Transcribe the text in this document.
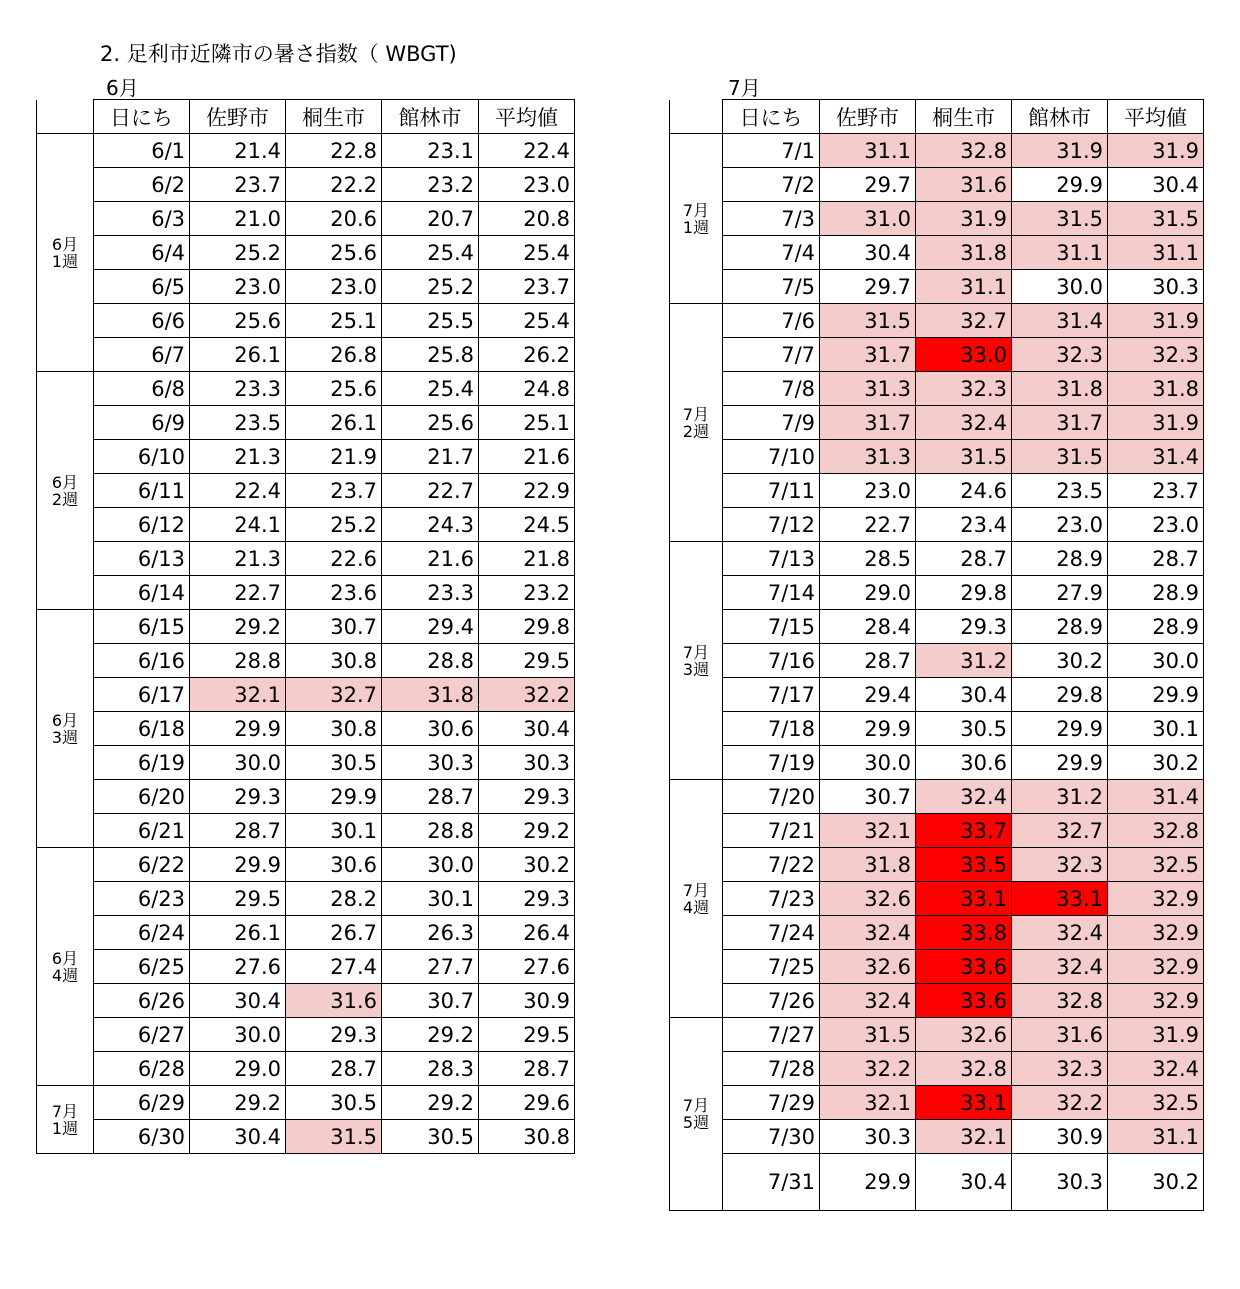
2. 足利市近隣市の暑さ指数（ WBGT)
6月	7月
	日にち	佐野市	桐生市	館林市	平均値
6月
1週	6/1	21.4	22.8	23.1	22.4
	6/2	23.7	22.2	23.2	23.0
	6/3	21.0	20.6	20.7	20.8
	6/4	25.2	25.6	25.4	25.4
	6/5	23.0	23.0	25.2	23.7
	6/6	25.6	25.1	25.5	25.4
	6/7	26.1	26.8	25.8	26.2
6月
2週	6/8	23.3	25.6	25.4	24.8
	6/9	23.5	26.1	25.6	25.1
	6/10	21.3	21.9	21.7	21.6
	6/11	22.4	23.7	22.7	22.9
	6/12	24.1	25.2	24.3	24.5
	6/13	21.3	22.6	21.6	21.8
	6/14	22.7	23.6	23.3	23.2
6月
3週	6/15	29.2	30.7	29.4	29.8
	6/16	28.8	30.8	28.8	29.5
	6/17	32.1	32.7	31.8	32.2
	6/18	29.9	30.8	30.6	30.4
	6/19	30.0	30.5	30.3	30.3
	6/20	29.3	29.9	28.7	29.3
	6/21	28.7	30.1	28.8	29.2
6月
4週	6/22	29.9	30.6	30.0	30.2
	6/23	29.5	28.2	30.1	29.3
	6/24	26.1	26.7	26.3	26.4
	6/25	27.6	27.4	27.7	27.6
	6/26	30.4	31.6	30.7	30.9
	6/27	30.0	29.3	29.2	29.5
	6/28	29.0	28.7	28.3	28.7
7月
1週	6/29	29.2	30.5	29.2	29.6
	6/30	30.4	31.5	30.5	30.8
	日にち	佐野市	桐生市	館林市	平均値
7月
1週	7/1	31.1	32.8	31.9	31.9
	7/2	29.7	31.6	29.9	30.4
	7/3	31.0	31.9	31.5	31.5
	7/4	30.4	31.8	31.1	31.1
	7/5	29.7	31.1	30.0	30.3
7月
2週	7/6	31.5	32.7	31.4	31.9
	7/7	31.7	33.0	32.3	32.3
	7/8	31.3	32.3	31.8	31.8
	7/9	31.7	32.4	31.7	31.9
	7/10	31.3	31.5	31.5	31.4
	7/11	23.0	24.6	23.5	23.7
	7/12	22.7	23.4	23.0	23.0
7月
3週	7/13	28.5	28.7	28.9	28.7
	7/14	29.0	29.8	27.9	28.9
	7/15	28.4	29.3	28.9	28.9
	7/16	28.7	31.2	30.2	30.0
	7/17	29.4	30.4	29.8	29.9
	7/18	29.9	30.5	29.9	30.1
	7/19	30.0	30.6	29.9	30.2
7月
4週	7/20	30.7	32.4	31.2	31.4
	7/21	32.1	33.7	32.7	32.8
	7/22	31.8	33.5	32.3	32.5
	7/23	32.6	33.1	33.1	32.9
	7/24	32.4	33.8	32.4	32.9
	7/25	32.6	33.6	32.4	32.9
	7/26	32.4	33.6	32.8	32.9
7月
5週	7/27	31.5	32.6	31.6	31.9
	7/28	32.2	32.8	32.3	32.4
	7/29	32.1	33.1	32.2	32.5
	7/30	30.3	32.1	30.9	31.1
	7/31	29.9	30.4	30.3	30.2
